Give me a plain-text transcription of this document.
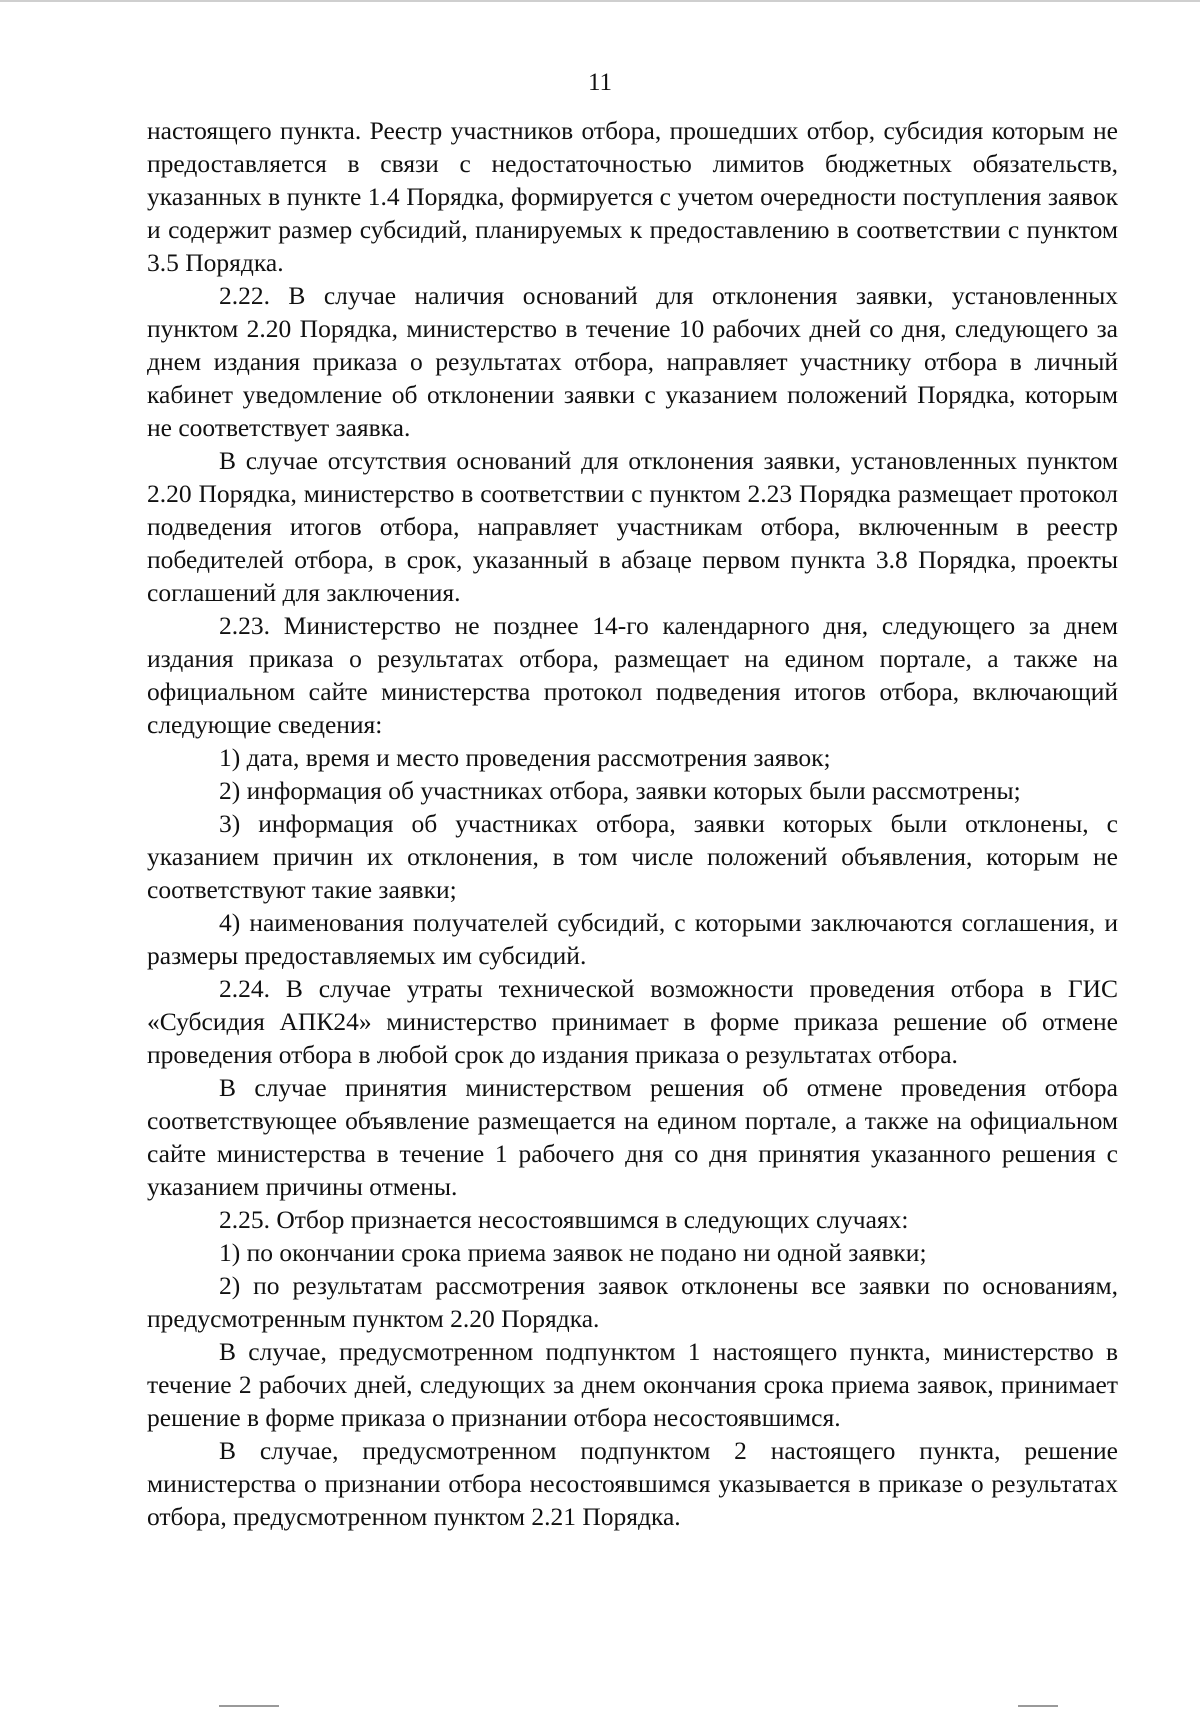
11

настоящего пункта. Реестр участников отбора, прошедших отбор, субсидия которым не предоставляется в связи с недостаточностью лимитов бюджетных обязательств, указанных в пункте 1.4 Порядка, формируется с учетом очередности поступления заявок и содержит размер субсидий, планируемых к предоставлению в соответствии с пунктом 3.5 Порядка.

2.22. В случае наличия оснований для отклонения заявки, установленных пунктом 2.20 Порядка, министерство в течение 10 рабочих дней со дня, следующего за днем издания приказа о результатах отбора, направляет участнику отбора в личный кабинет уведомление об отклонении заявки с указанием положений Порядка, которым не соответствует заявка.

В случае отсутствия оснований для отклонения заявки, установленных пунктом 2.20 Порядка, министерство в соответствии с пунктом 2.23 Порядка размещает протокол подведения итогов отбора, направляет участникам отбора, включенным в реестр победителей отбора, в срок, указанный в абзаце первом пункта 3.8 Порядка, проекты соглашений для заключения.

2.23. Министерство не позднее 14-го календарного дня, следующего за днем издания приказа о результатах отбора, размещает на едином портале, а также на официальном сайте министерства протокол подведения итогов отбора, включающий следующие сведения:

1) дата, время и место проведения рассмотрения заявок;

2) информация об участниках отбора, заявки которых были рассмотрены;

3) информация об участниках отбора, заявки которых были отклонены, с указанием причин их отклонения, в том числе положений объявления, которым не соответствуют такие заявки;

4) наименования получателей субсидий, с которыми заключаются соглашения, и размеры предоставляемых им субсидий.

2.24. В случае утраты технической возможности проведения отбора в ГИС «Субсидия АПК24» министерство принимает в форме приказа решение об отмене проведения отбора в любой срок до издания приказа о результатах отбора.

В случае принятия министерством решения об отмене проведения отбора соответствующее объявление размещается на едином портале, а также на официальном сайте министерства в течение 1 рабочего дня со дня принятия указанного решения с указанием причины отмены.

2.25. Отбор признается несостоявшимся в следующих случаях:

1) по окончании срока приема заявок не подано ни одной заявки;

2) по результатам рассмотрения заявок отклонены все заявки по основаниям, предусмотренным пунктом 2.20 Порядка.

В случае, предусмотренном подпунктом 1 настоящего пункта, министерство в течение 2 рабочих дней, следующих за днем окончания срока приема заявок, принимает решение в форме приказа о признании отбора несостоявшимся.

В случае, предусмотренном подпунктом 2 настоящего пункта, решение министерства о признании отбора несостоявшимся указывается в приказе о результатах отбора, предусмотренном пунктом 2.21 Порядка.
